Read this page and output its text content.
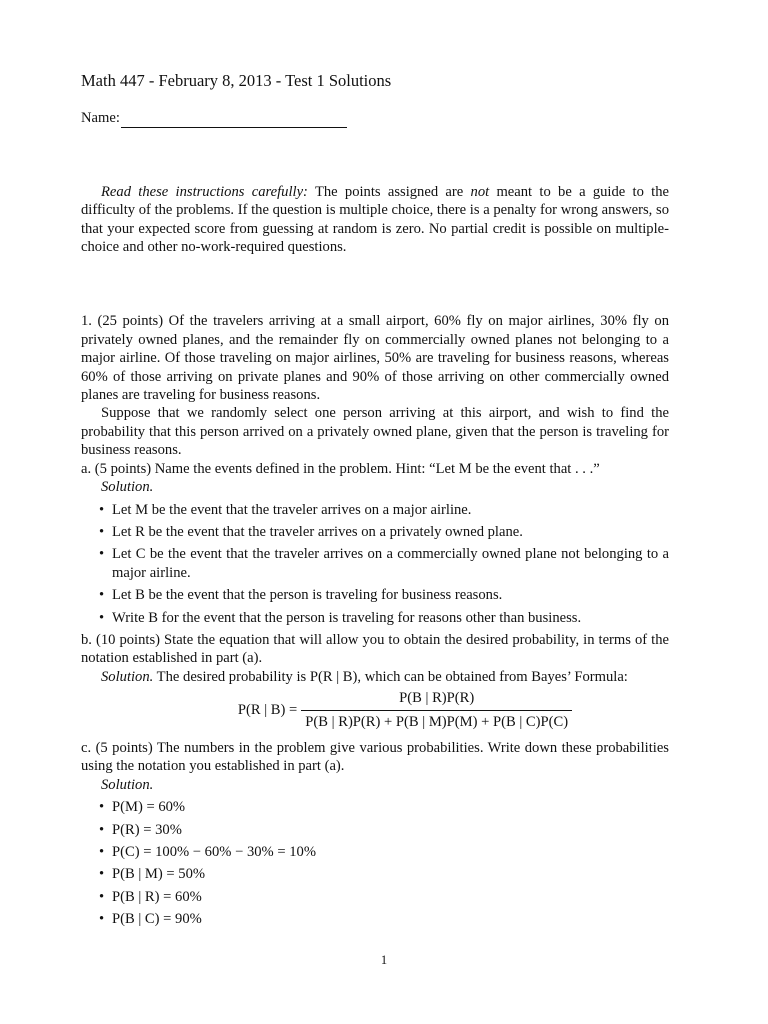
Math 447 - February 8, 2013 - Test 1 Solutions
Name:

Read these instructions carefully: The points assigned are not meant to be a guide to the difficulty of the problems. If the question is multiple choice, there is a penalty for wrong answers, so that your expected score from guessing at random is zero. No partial credit is possible on multiple-choice and other no-work-required questions.

1. (25 points) Of the travelers arriving at a small airport, 60% fly on major airlines, 30% fly on privately owned planes, and the remainder fly on commercially owned planes not belonging to a major airline. Of those traveling on major airlines, 50% are traveling for business reasons, whereas 60% of those arriving on private planes and 90% of those arriving on other commercially owned planes are traveling for business reasons.

Suppose that we randomly select one person arriving at this airport, and wish to find the probability that this person arrived on a privately owned plane, given that the person is traveling for business reasons.

a. (5 points) Name the events defined in the problem. Hint: “Let M be the event that . . .”

Solution.
• Let M be the event that the traveler arrives on a major airline.
• Let R be the event that the traveler arrives on a privately owned plane.
• Let C be the event that the traveler arrives on a commercially owned plane not belonging to a major airline.
• Let B be the event that the person is traveling for business reasons.
• Write B for the event that the person is traveling for reasons other than business.

b. (10 points) State the equation that will allow you to obtain the desired probability, in terms of the notation established in part (a).

Solution. The desired probability is P(R | B), which can be obtained from Bayes’ Formula:

P(R | $B) = \frac{P(B | R)P(R)}{P(B | R)P(R) + P(B | M)P(M) + P(B | C)P(C)}$

c. (5 points) The numbers in the problem give various probabilities. Write down these probabilities using the notation you established in part (a).

Solution.
• P(M) = 60%
• P(R) = 30%
• P(C) = 100% − 60% − 30% = 10%
• P(B | M) = 50%
• P(B | R) = 60%
• P(B | C) = 90%
1
